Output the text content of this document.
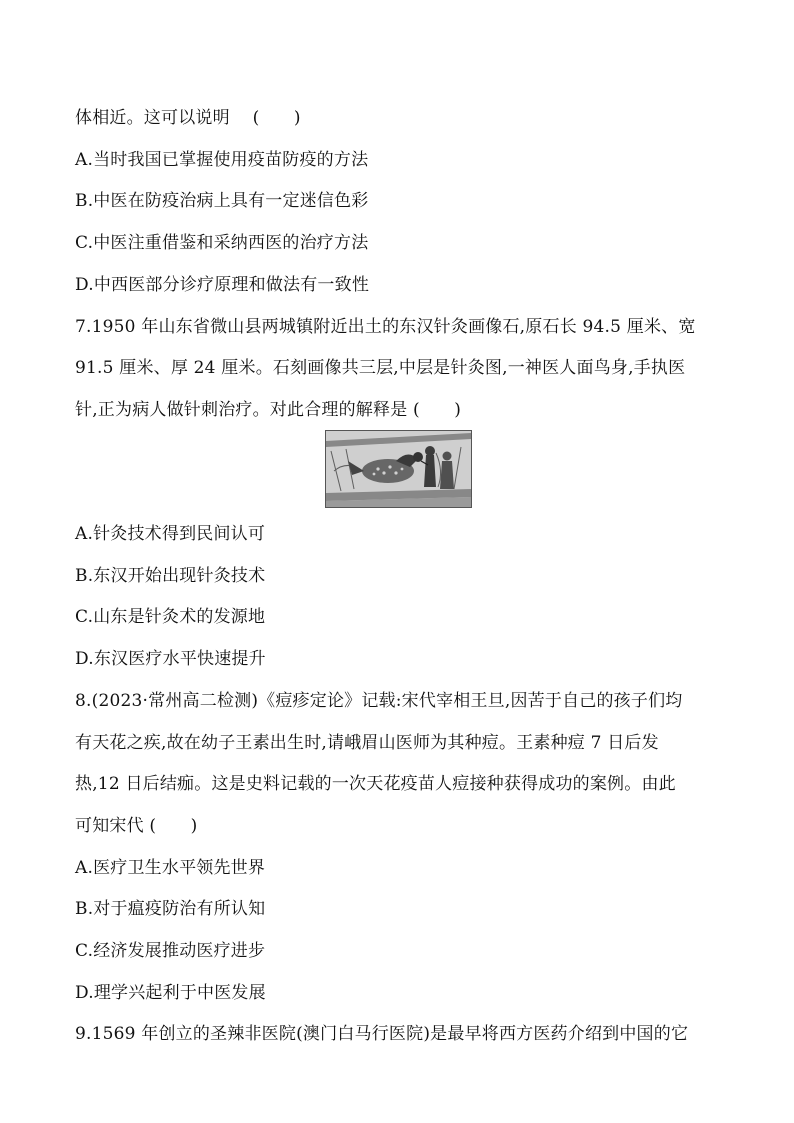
体相近。这可以说明　 (　　)
A.当时我国已掌握使用疫苗防疫的方法
B.中医在防疫治病上具有一定迷信色彩
C.中医注重借鉴和采纳西医的治疗方法
D.中西医部分诊疗原理和做法有一致性
7.1950 年山东省微山县两城镇附近出土的东汉针灸画像石,原石长 94.5 厘米、宽
91.5 厘米、厚 24 厘米。石刻画像共三层,中层是针灸图,一神医人面鸟身,手执医
针,正为病人做针刺治疗。对此合理的解释是 (　　)
A.针灸技术得到民间认可
B.东汉开始出现针灸技术
C.山东是针灸术的发源地
D.东汉医疗水平快速提升
8.(2023·常州高二检测)《痘疹定论》记载:宋代宰相王旦,因苦于自己的孩子们均
有天花之疾,故在幼子王素出生时,请峨眉山医师为其种痘。王素种痘 7 日后发
热,12 日后结痂。这是史料记载的一次天花疫苗人痘接种获得成功的案例。由此
可知宋代 (　　)
A.医疗卫生水平领先世界
B.对于瘟疫防治有所认知
C.经济发展推动医疗进步
D.理学兴起利于中医发展
9.1569 年创立的圣辣非医院(澳门白马行医院)是最早将西方医药介绍到中国的它
